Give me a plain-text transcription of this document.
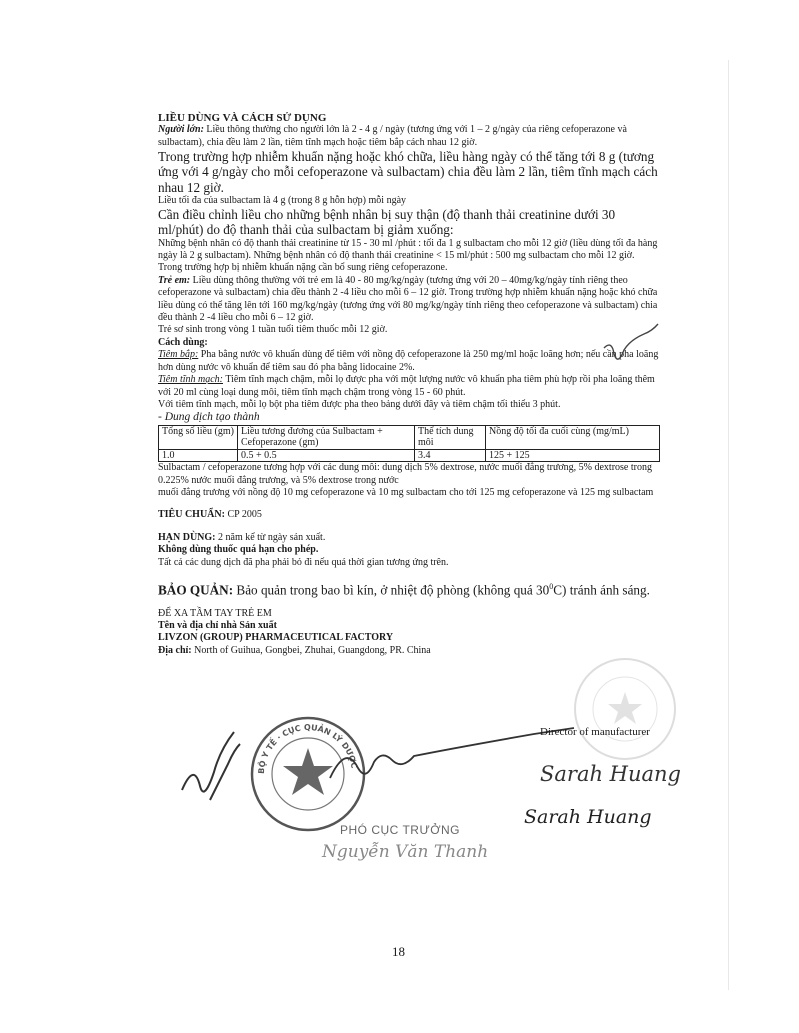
LIỀU DÙNG VÀ CÁCH SỬ DỤNG

Người lớn: Liều thông thường cho người lớn là 2 - 4 g / ngày (tương ứng với 1 – 2 g/ngày của riêng cefoperazone và sulbactam), chia đều làm 2 lần, tiêm tĩnh mạch hoặc tiêm bắp cách nhau 12 giờ.

Trong trường hợp nhiễm khuẩn nặng hoặc khó chữa, liều hàng ngày có thể tăng tới 8 g (tương ứng với 4 g/ngày cho mỗi cefoperazone và sulbactam) chia đều làm 2 lần, tiêm tĩnh mạch cách nhau 12 giờ.

Liều tối đa của sulbactam là 4 g (trong 8 g hỗn hợp) mỗi ngày

Cần điều chỉnh liều cho những bệnh nhân bị suy thận (độ thanh thải creatinine dưới 30 ml/phút) do độ thanh thải của sulbactam bị giảm xuống:

Những bệnh nhân có độ thanh thải creatinine từ 15 - 30 ml /phút : tối đa 1 g sulbactam cho mỗi 12 giờ (liều dùng tối đa hàng ngày là 2 g sulbactam). Những bệnh nhân có độ thanh thải creatinine < 15 ml/phút : 500 mg sulbactam cho mỗi 12 giờ.

Trong trường hợp bị nhiễm khuẩn nặng cần bổ sung riêng cefoperazone.

Trẻ em: Liều dùng thông thường với trẻ em là 40 - 80 mg/kg/ngày (tương ứng với 20 – 40mg/kg/ngày tính riêng theo cefoperazone và sulbactam) chia đều thành 2 -4 liều cho mỗi 6 – 12 giờ. Trong trường hợp nhiễm khuẩn nặng hoặc khó chữa liều dùng có thể tăng lên tới 160 mg/kg/ngày (tương ứng với 80 mg/kg/ngày tính riêng theo cefoperazone và sulbactam) chia đều thành 2 -4 liều cho mỗi 6 – 12 giờ.

Trẻ sơ sinh trong vòng 1 tuần tuổi tiêm thuốc mỗi 12 giờ.

Cách dùng:

Tiêm bắp: Pha bằng nước vô khuẩn dùng để tiêm với nồng độ cefoperazone là 250 mg/ml hoặc loãng hơn; nếu cần pha loãng hơn dùng nước vô khuẩn để tiêm sau đó pha bằng lidocaine 2%.

Tiêm tĩnh mạch: Tiêm tĩnh mạch chậm, mỗi lọ được pha với một lượng nước vô khuẩn pha tiêm phù hợp rồi pha loãng thêm với 20 ml cùng loại dung môi, tiêm tĩnh mạch chậm trong vòng 15 - 60 phút.

Với tiêm tĩnh mạch, mỗi lọ bột pha tiêm được pha theo bảng dưới đây và tiêm chậm tối thiểu 3 phút.

- Dung dịch tạo thành

Tổng số liều (gm)	Liều tương đương của Sulbactam + Cefoperazone (gm)	Thể tích dung môi	Nồng độ tối đa cuối cùng (mg/mL)
1.0	0.5 + 0.5	3.4	125 + 125

Sulbactam / cefoperazone tương hợp với các dung môi: dung dịch 5% dextrose, nước muối đẳng trương, 5% dextrose trong 0.225% nước muối đẳng trương, và 5% dextrose trong nước

muối đẳng trương với nồng độ 10 mg cefoperazone và 10 mg sulbactam cho tới 125 mg cefoperazone và 125 mg sulbactam

TIÊU CHUẨN: CP 2005

HẠN DÙNG: 2 năm kể từ ngày sản xuất.

Không dùng thuốc quá hạn cho phép.

Tất cả các dung dịch đã pha phải bỏ đi nếu quá thời gian tương ứng trên.

BẢO QUẢN: Bảo quản trong bao bì kín, ở nhiệt độ phòng (không quá $30^0C$) tránh ánh sáng.

ĐỂ XA TẦM TAY TRẺ EM

Tên và địa chỉ nhà Sản xuất

LIVZON (GROUP) PHARMACEUTICAL FACTORY

Địa chỉ: North of Guihua, Gongbei, Zhuhai, Guangdong, PR. China

BỘ Y TẾ · CỤC QUẢN LÝ DƯỢC
Director of manufacturer
Sarah Huang
Sarah Huang
PHÓ CỤC TRƯỞNG
Nguyễn Văn Thanh
18
